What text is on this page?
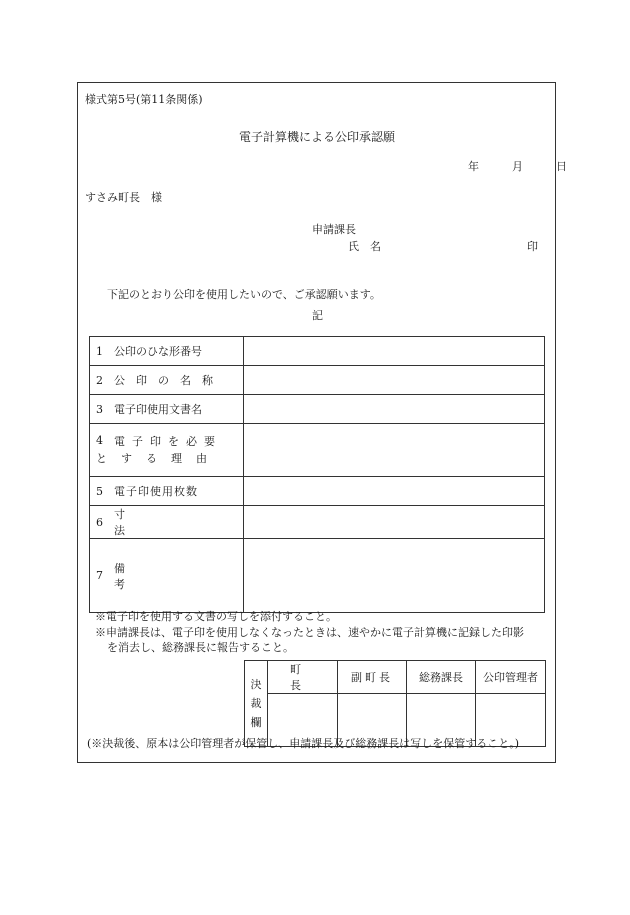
様式第5号(第11条関係)
電子計算機による公印承認願
年	月	日
すさみ町長　様
申請課長
氏　名	印
下記のとおり公印を使用したいので、ご承認願います。
記
1 公印のひな形番号	

2 公印の名称	

3 電子印使用文書名	

4 電子印を必要
とする理由	

5 電子印使用枚数	

6
寸法	

7
備考	

※電子印を使用する文書の写しを添付すること。
※申請課長は、電子印を使用しなくなったときは、速やかに電子計算機に記録した印影
を消去し、総務課長に報告すること。
決
裁
欄	町　長	副町長	総務課長	公印管理者

(※決裁後、原本は公印管理者が保管し、申請課長及び総務課長は写しを保管すること。)
